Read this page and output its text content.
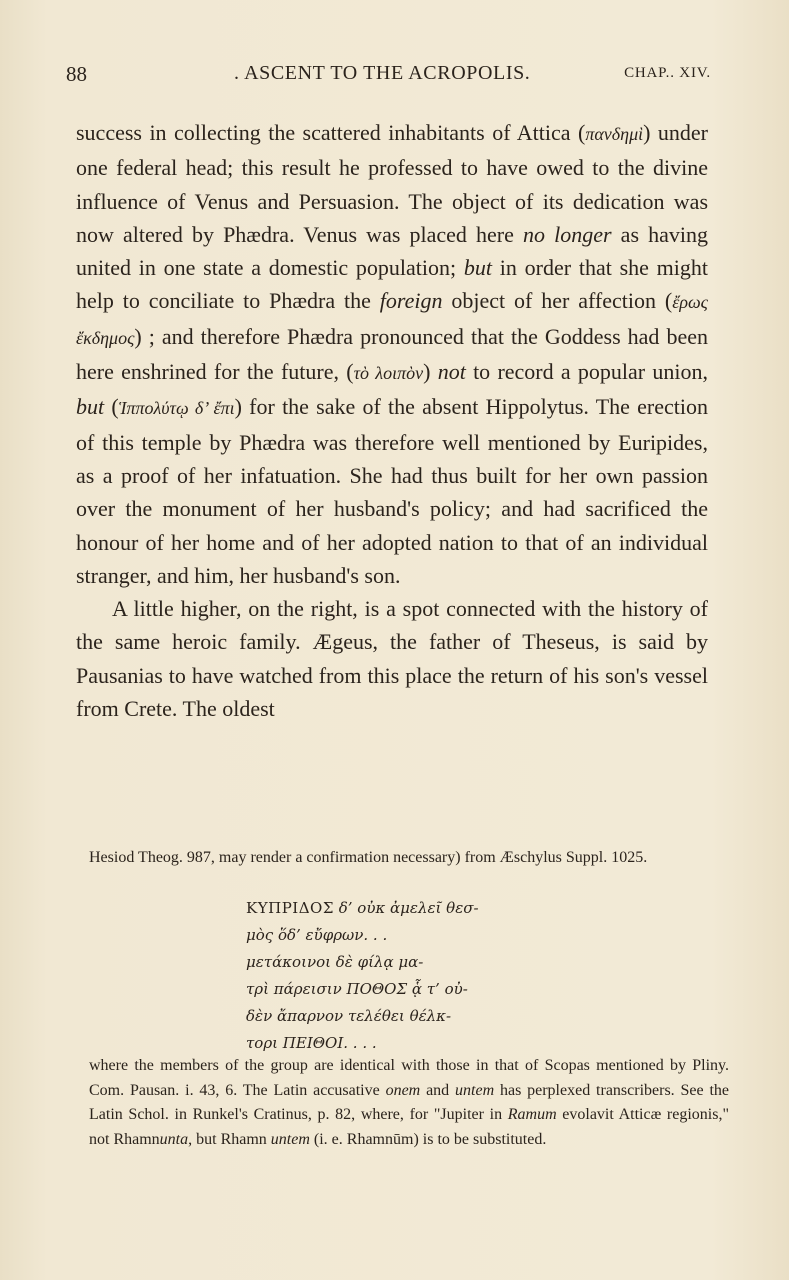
88	. ASCENT TO THE ACROPOLIS.	CHAP.. XIV.

success in collecting the scattered inhabitants of Attica (πανδημὶ) under one federal head; this result he professed to have owed to the divine influence of Venus and Persuasion. The object of its dedication was now altered by Phædra. Venus was placed here no longer as having united in one state a domestic population; but in order that she might help to conciliate to Phædra the foreign object of her affection (ἔρως ἔκδημος) ; and therefore Phædra pronounced that the Goddess had been here enshrined for the future, (τὸ λοιπὸν) not to record a popular union, but (Ἱππολύτῳ δ’ ἔπι) for the sake of the absent Hippolytus. The erection of this temple by Phædra was therefore well mentioned by Euripides, as a proof of her infatuation. She had thus built for her own passion over the monument of her husband's policy; and had sacrificed the honour of her home and of her adopted nation to that of an individual stranger, and him, her husband's son.

A little higher, on the right, is a spot connected with the history of the same heroic family. Ægeus, the father of Theseus, is said by Pausanias to have watched from this place the return of his son's vessel from Crete. The oldest

Hesiod Theog. 987, may render a confirmation necessary) from Æschylus Suppl. 1025.
ΚΥΠΡΙΔΟΣ δ’ οὐκ ἀμελεῖ θεσ-
μὸς ὅδ’ εὔφρων. . .
μετάκοινοι δὲ φίλᾳ μα-
τρὶ πάρεισιν ΠΟΘΟΣ ᾇ τ’ οὐ-
δὲν ἄπαρνον τελέθει θέλκ-
τορι ΠΕΙΘΟΙ. . . .
where the members of the group are identical with those in that of Scopas mentioned by Pliny. Com. Pausan. i. 43, 6. The Latin accusative onem and untem has perplexed transcribers. See the Latin Schol. in Runkel's Cratinus, p. 82, where, for "Jupiter in Ramum evolavit Atticæ regionis," not Rhamnunta, but Rhamn untem (i. e. Rhamnūm) is to be substituted.
